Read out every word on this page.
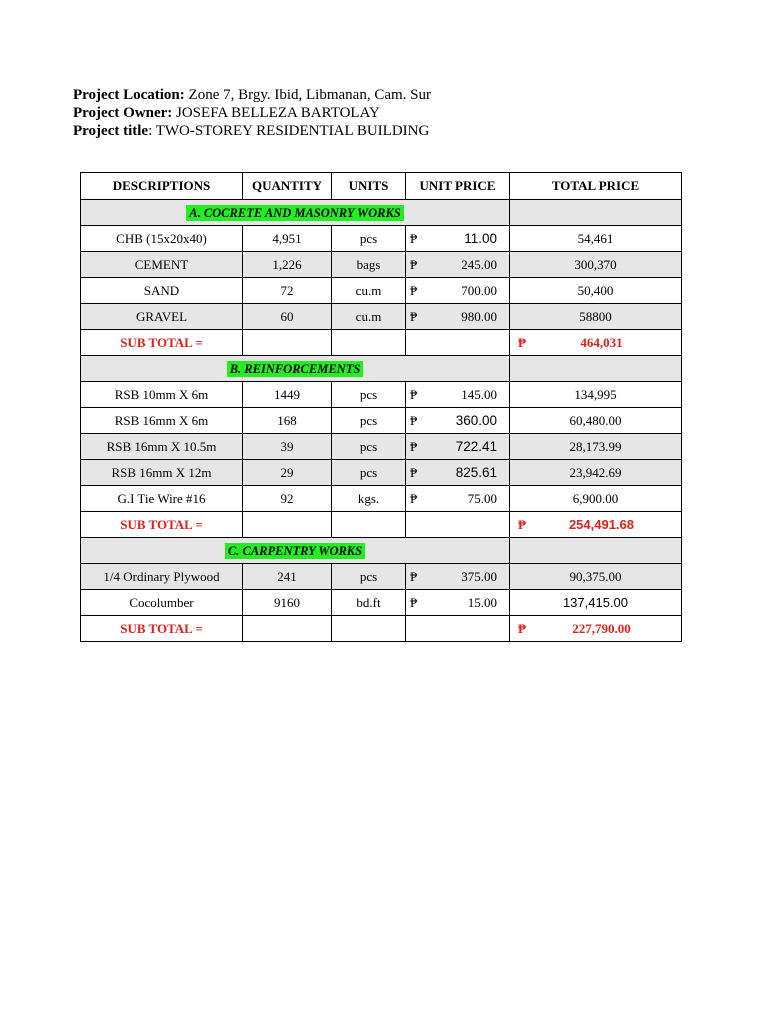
Project Location: Zone 7, Brgy. Ibid, Libmanan, Cam. Sur
Project Owner: JOSEFA BELLEZA BARTOLAY
Project title: TWO-STOREY RESIDENTIAL BUILDING
DESCRIPTIONS	QUANTITY	UNITS	UNIT PRICE	TOTAL PRICE
A. COCRETE AND MASONRY WORKS				
CHB (15x20x40)	4,951	pcs	₱ 11.00	54,461
CEMENT	1,226	bags	₱ 245.00	300,370
SAND	72	cu.m	₱ 700.00	50,400
GRAVEL	60	cu.m	₱ 980.00	58800
SUB TOTAL =				₱ 464,031
B. REINFORCEMENTS				
RSB 10mm X 6m	1449	pcs	₱ 145.00	134,995
RSB 16mm X 6m	168	pcs	₱ 360.00	60,480.00
RSB 16mm X 10.5m	39	pcs	₱ 722.41	28,173.99
RSB 16mm X 12m	29	pcs	₱ 825.61	23,942.69
G.I Tie Wire #16	92	kgs.	₱ 75.00	6,900.00
SUB TOTAL =				₱ 254,491.68
C. CARPENTRY WORKS				
1/4 Ordinary Plywood	241	pcs	₱ 375.00	90,375.00
Cocolumber	9160	bd.ft	₱ 15.00	137,415.00
SUB TOTAL =				₱ 227,790.00
